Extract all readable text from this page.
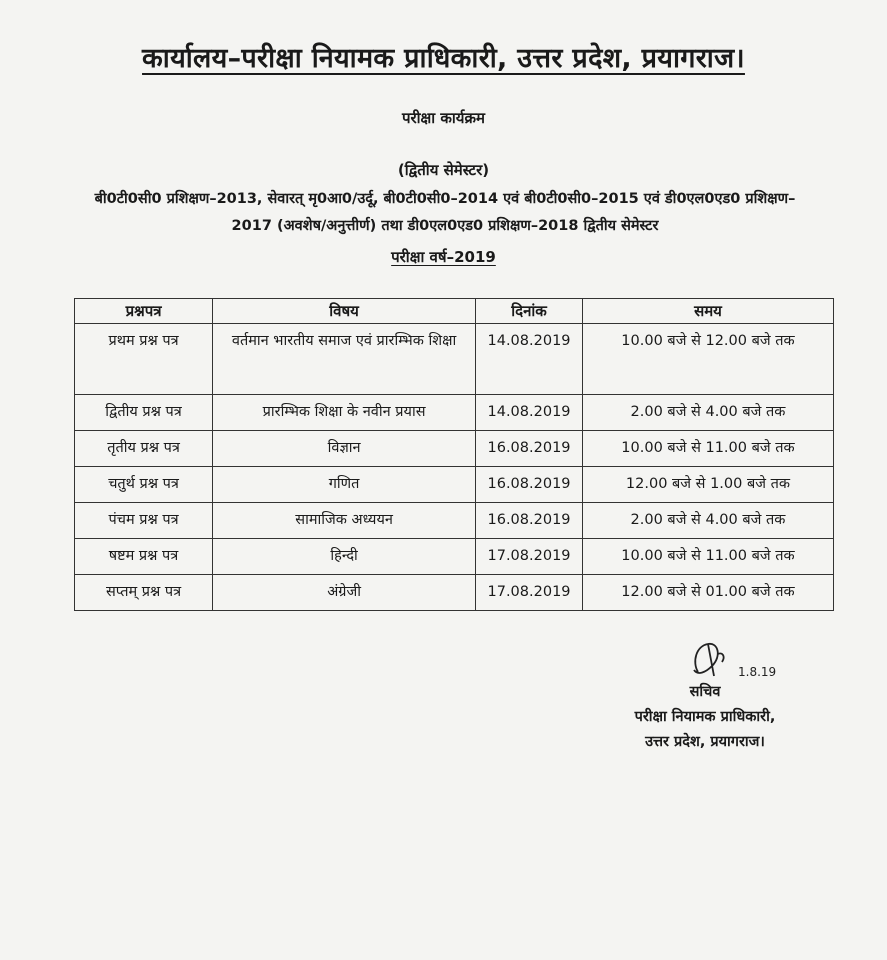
कार्यालय–परीक्षा नियामक प्राधिकारी, उत्तर प्रदेश, प्रयागराज।
परीक्षा कार्यक्रम
(द्वितीय सेमेस्टर)
बी0टी0सी0 प्रशिक्षण–2013, सेवारत् मृ0आ0/उर्दू, बी0टी0सी0–2014 एवं बी0टी0सी0–2015 एवं डी0एल0एड0 प्रशिक्षण–2017 (अवशेष/अनुत्तीर्ण) तथा डी0एल0एड0 प्रशिक्षण–2018 द्वितीय सेमेस्टर
परीक्षा वर्ष–2019
प्रश्नपत्र	विषय	दिनांक	समय
प्रथम प्रश्न पत्र	वर्तमान भारतीय समाज एवं प्रारम्भिक शिक्षा	14.08.2019	10.00 बजे से 12.00 बजे तक
द्वितीय प्रश्न पत्र	प्रारम्भिक शिक्षा के नवीन प्रयास	14.08.2019	2.00 बजे से 4.00 बजे तक
तृतीय प्रश्न पत्र	विज्ञान	16.08.2019	10.00 बजे से 11.00 बजे तक
चतुर्थ प्रश्न पत्र	गणित	16.08.2019	12.00 बजे से 1.00 बजे तक
पंचम प्रश्न पत्र	सामाजिक अध्ययन	16.08.2019	2.00 बजे से 4.00 बजे तक
षष्टम प्रश्न पत्र	हिन्दी	17.08.2019	10.00 बजे से 11.00 बजे तक
सप्तम् प्रश्न पत्र	अंग्रेजी	17.08.2019	12.00 बजे से 01.00 बजे तक
1.8.19
सचिव
परीक्षा नियामक प्राधिकारी,
उत्तर प्रदेश, प्रयागराज।
